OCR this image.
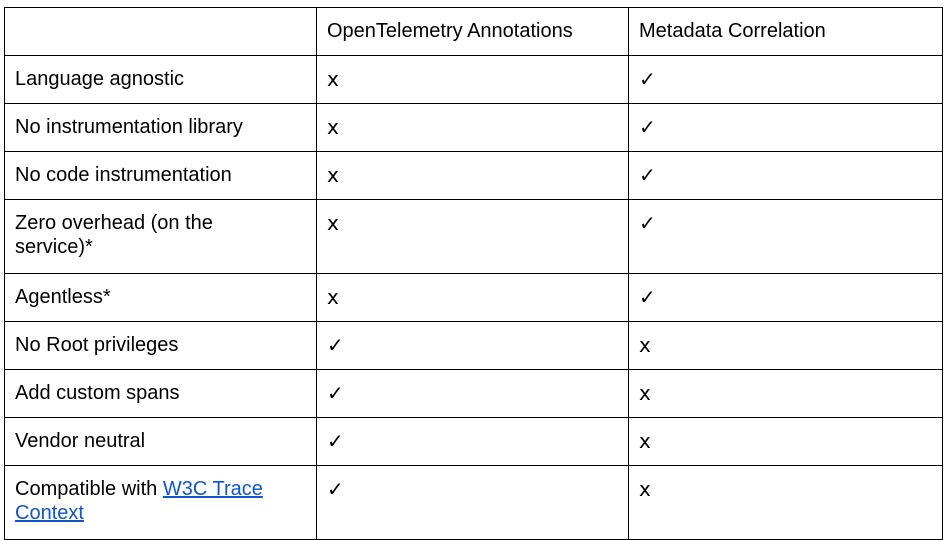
	OpenTelemetry Annotations	Metadata Correlation
Language agnostic	x	✓
No instrumentation library	x	✓
No code instrumentation	x	✓
Zero overhead (on the service)*	x	✓
Agentless*	x	✓
No Root privileges	✓	x
Add custom spans	✓	x
Vendor neutral	✓	x
Compatible with W3C Trace Context	✓	x
